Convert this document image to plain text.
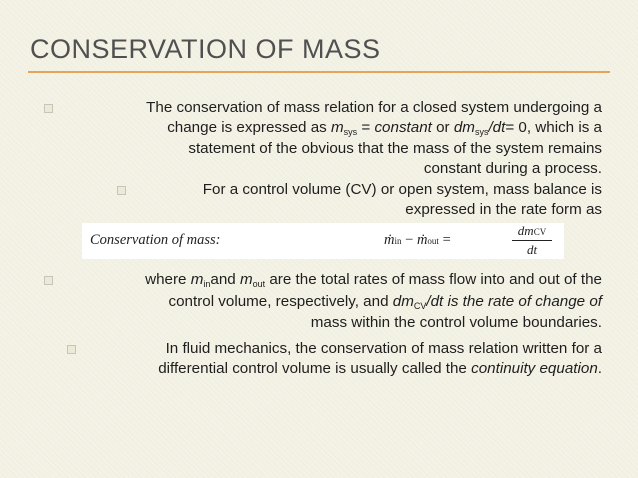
CONSERVATION OF MASS
The conservation of mass relation for a closed system undergoing a
change is expressed as msys = constant or dmsys/dt= 0, which is a
statement of the obvious that the mass of the system remains
constant during a process.
For a control volume (CV) or open system, mass balance is
expressed in the rate form as
Conservation of mass:	ṁin − ṁout =
dmCV
dt
where minand mout are the total rates of mass flow into and out of the
control volume, respectively, and dmCV/dt is the rate of change of
mass within the control volume boundaries.
In fluid mechanics, the conservation of mass relation written for a
differential control volume is usually called the continuity equation.
